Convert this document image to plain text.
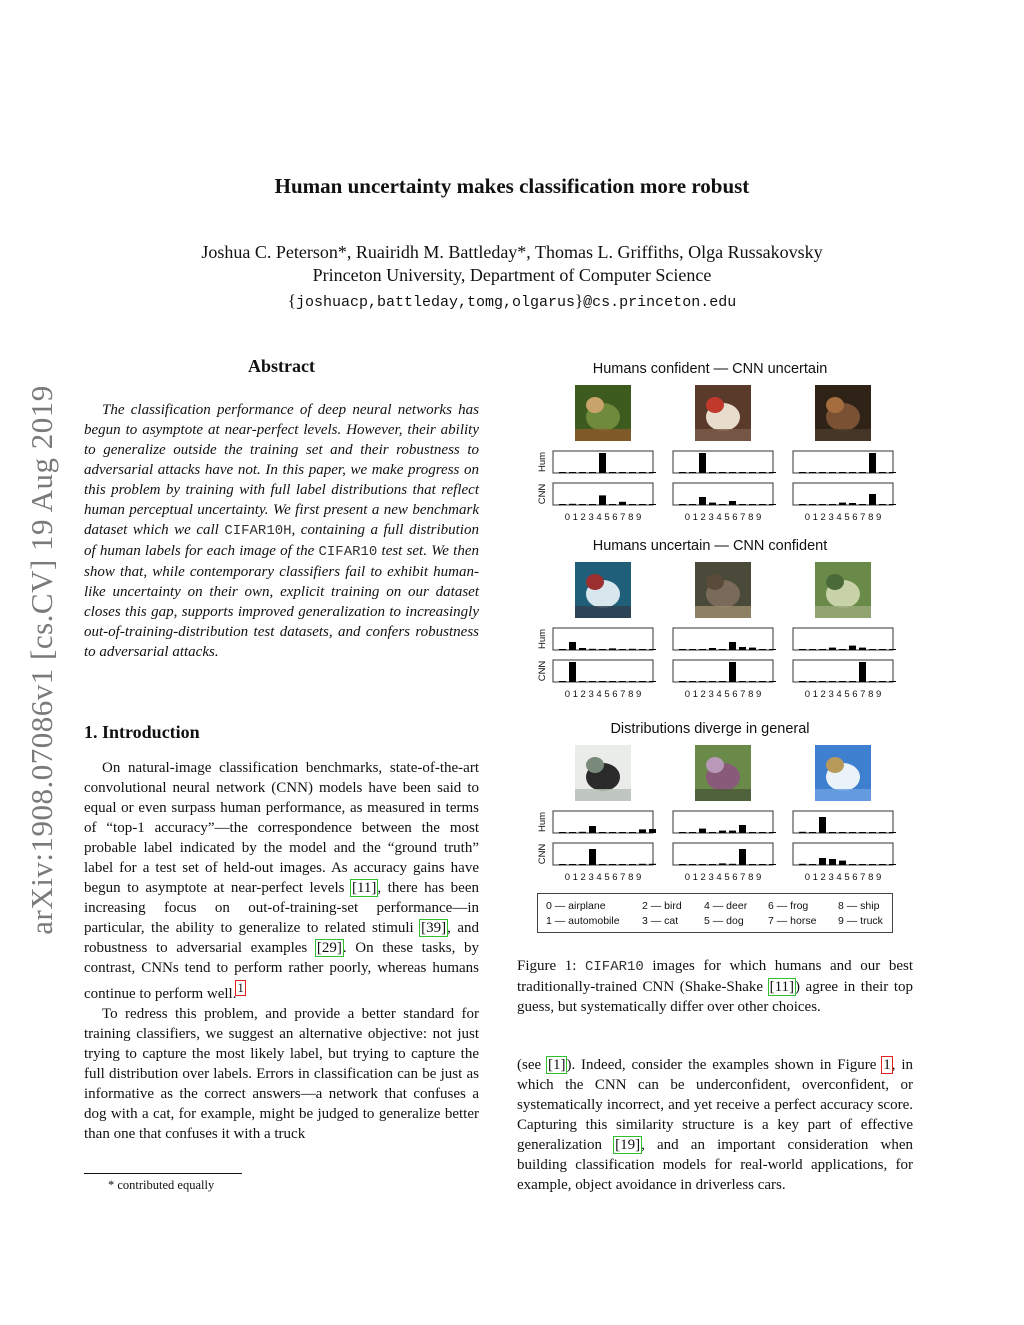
arXiv:1908.07086v1 [cs.CV] 19 Aug 2019
Human uncertainty makes classification more robust
Joshua C. Peterson*, Ruairidh M. Battleday*, Thomas L. Griffiths, Olga Russakovsky
Princeton University, Department of Computer Science
{joshuacp,battleday,tomg,olgarus}@cs.princeton.edu
Abstract
The classification performance of deep neural networks has begun to asymptote at near-perfect levels. However, their ability to generalize outside the training set and their robustness to adversarial attacks have not. In this paper, we make progress on this problem by training with full label distributions that reflect human perceptual uncertainty. We first present a new benchmark dataset which we call CIFAR10H, containing a full distribution of human labels for each image of the CIFAR10 test set. We then show that, while contemporary classifiers fail to exhibit human-like uncertainty on their own, explicit training on our dataset closes this gap, supports improved generalization to increasingly out-of-training-distribution test datasets, and confers robustness to adversarial attacks.
1. Introduction

On natural-image classification benchmarks, state-of-the-art convolutional neural network (CNN) models have been said to equal or even surpass human performance, as measured in terms of “top-1 accuracy”—the correspondence between the most probable label indicated by the model and the “ground truth” label for a test set of held-out images. As accuracy gains have begun to asymptote at near-perfect levels [11], there has been increasing focus on out-of-training-set performance—in particular, the ability to generalize to related stimuli [39], and robustness to adversarial examples [29]. On these tasks, by contrast, CNNs tend to perform rather poorly, whereas humans continue to perform well.$^1$

To redress this problem, and provide a better standard for training classifiers, we suggest an alternative objective: not just trying to capture the most likely label, but trying to capture the full distribution over labels. Errors in classification can be just as informative as the correct answers—a network that confuses a dog with a cat, for example, might be judged to generalize better than one that confuses it with a truck

* contributed equally
Humans confident — CNN uncertain
Hum
CNN
0 1 2 3 4 5 6 7 8 9	0 1 2 3 4 5 6 7 8 9	0 1 2 3 4 5 6 7 8 9
Humans uncertain — CNN confident
Hum
CNN
0 1 2 3 4 5 6 7 8 9	0 1 2 3 4 5 6 7 8 9	0 1 2 3 4 5 6 7 8 9
Distributions diverge in general
Hum
CNN
0 1 2 3 4 5 6 7 8 9	0 1 2 3 4 5 6 7 8 9	0 1 2 3 4 5 6 7 8 9
0 — airplane
1 — automobile
2 — bird
3 — cat
4 — deer
5 — dog
6 — frog
7 — horse
8 — ship
9 — truck
Figure 1: CIFAR10 images for which humans and our best traditionally-trained CNN (Shake-Shake [11]) agree in their top guess, but systematically differ over other choices.

(see [1]). Indeed, consider the examples shown in Figure 1, in which the CNN can be underconfident, overconfident, or systematically incorrect, and yet receive a perfect accuracy score. Capturing this similarity structure is a key part of effective generalization [19], and an important consideration when building classification models for real-world applications, for example, object avoidance in driverless cars.
